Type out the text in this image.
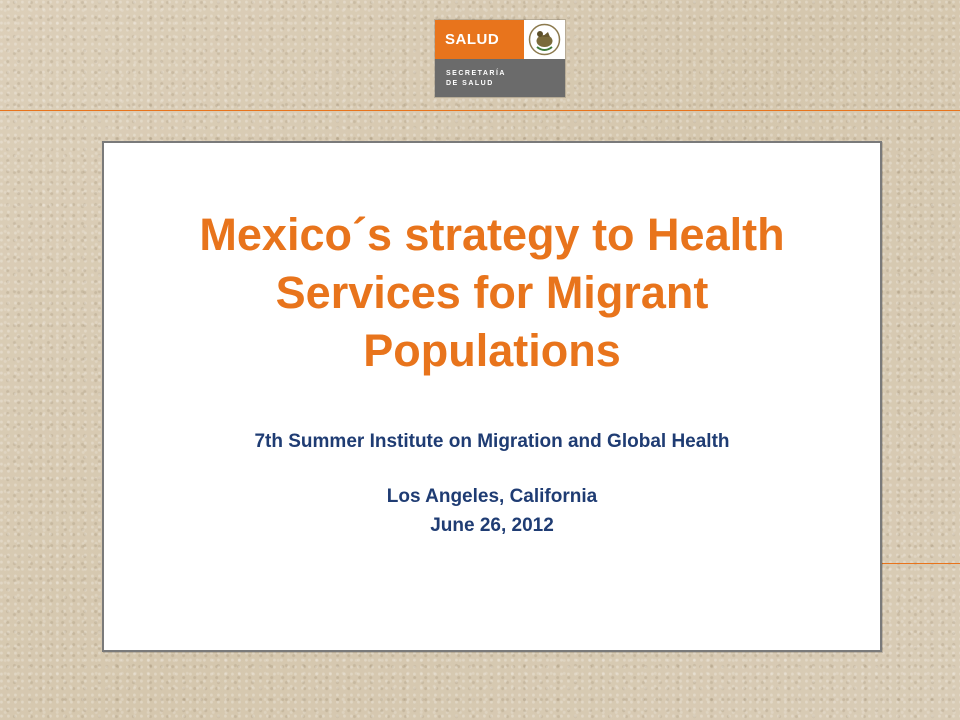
SALUD
SECRETARÍA
DE SALUD
Mexico´s strategy to Health
Services for Migrant
Populations
7th Summer Institute on Migration and Global Health
Los Angeles, California
June 26, 2012
